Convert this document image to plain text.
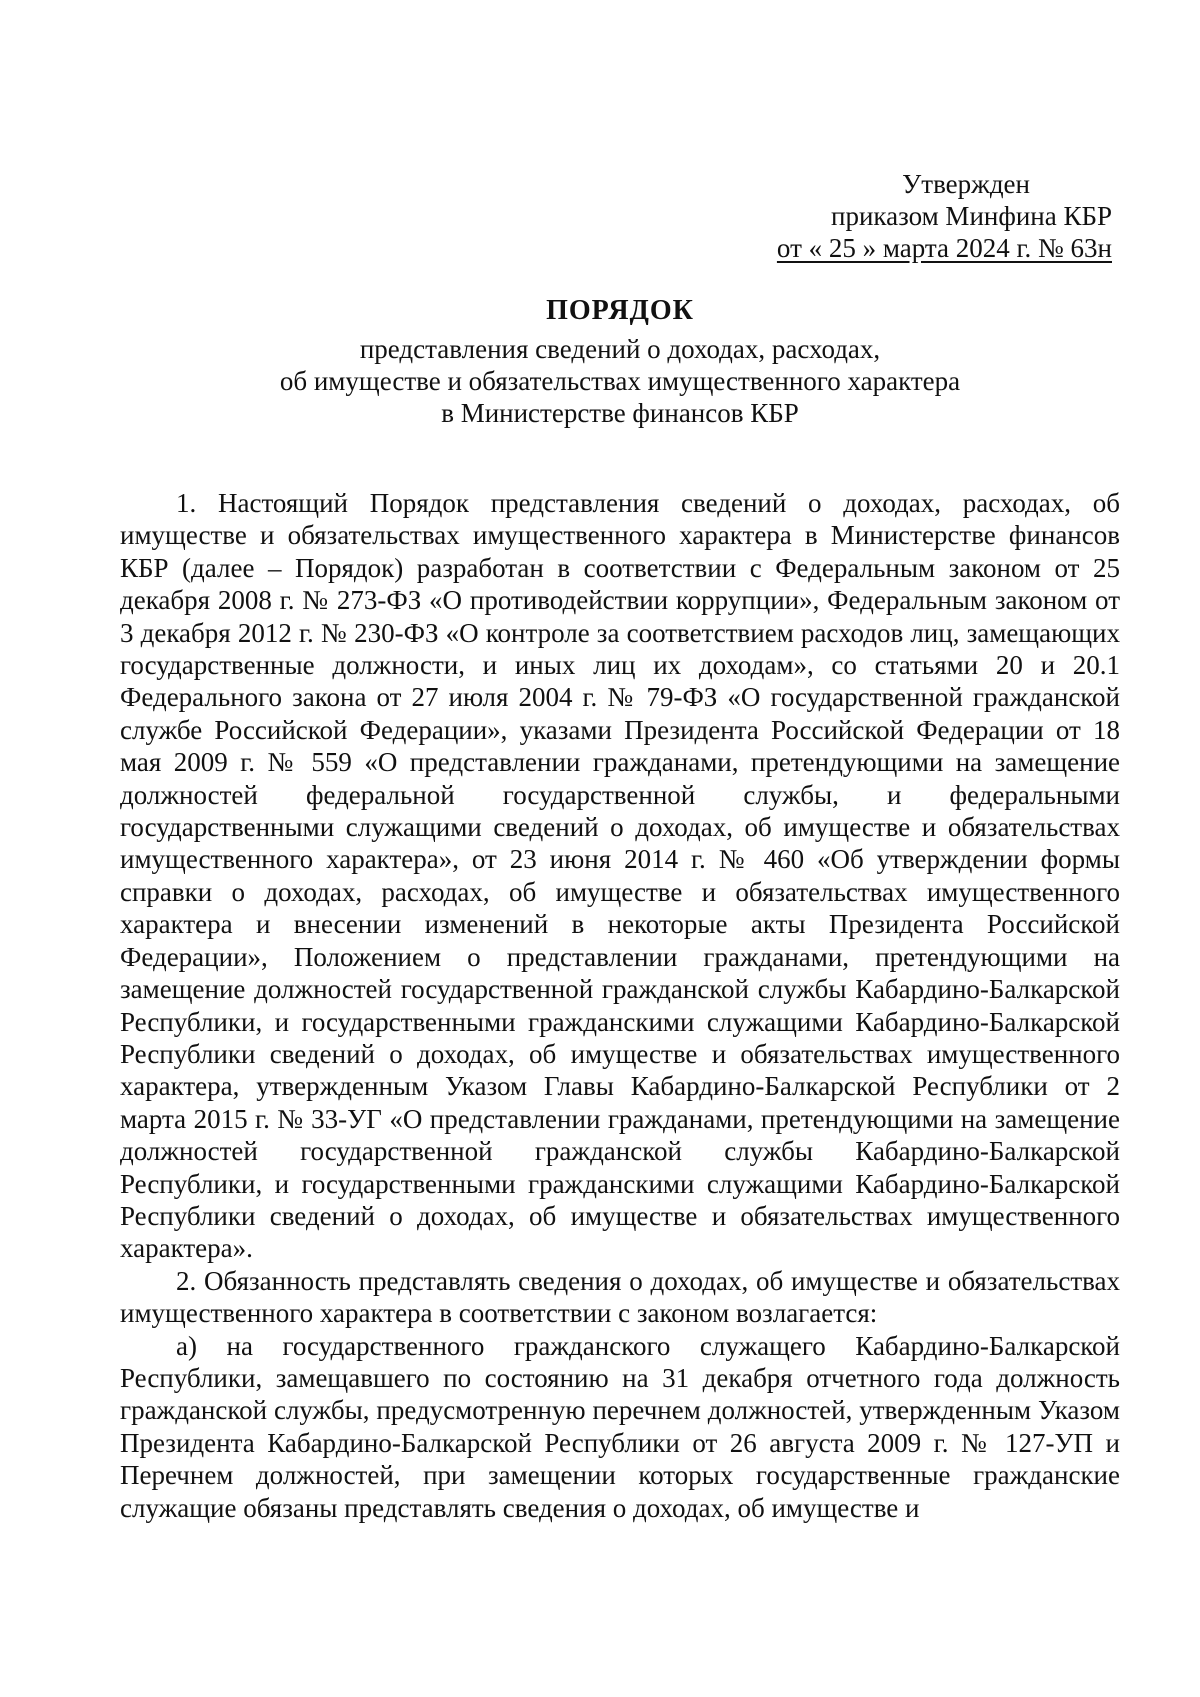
Утвержден
приказом Минфина КБР
от « 25 » марта 2024 г. № 63н
ПОРЯДОК
представления сведений о доходах, расходах,
об имуществе и обязательствах имущественного характера
в Министерстве финансов КБР

1. Настоящий Порядок представления сведений о доходах, расходах, об имуществе и обязательствах имущественного характера в Министерстве финансов КБР (далее – Порядок) разработан в соответствии с Федеральным законом от 25 декабря 2008 г. № 273-ФЗ «О противодействии коррупции», Федеральным законом от 3 декабря 2012 г. № 230-ФЗ «О контроле за соответствием расходов лиц, замещающих государственные должности, и иных лиц их доходам», со статьями 20 и 20.1 Федерального закона от 27 июля 2004 г. № 79-ФЗ «О государственной гражданской службе Российской Федерации», указами Президента Российской Федерации от 18 мая 2009 г. № 559 «О представлении гражданами, претендующими на замещение должностей федеральной государственной службы, и федеральными государственными служащими сведений о доходах, об имуществе и обязательствах имущественного характера», от 23 июня 2014 г. № 460 «Об утверждении формы справки о доходах, расходах, об имуществе и обязательствах имущественного характера и внесении изменений в некоторые акты Президента Российской Федерации», Положением о представлении гражданами, претендующими на замещение должностей государственной гражданской службы Кабардино-Балкарской Республики, и государственными гражданскими служащими Кабардино-Балкарской Республики сведений о доходах, об имуществе и обязательствах имущественного характера, утвержденным Указом Главы Кабардино-Балкарской Республики от 2 марта 2015 г. № 33-УГ «О представлении гражданами, претендующими на замещение должностей государственной гражданской службы Кабардино-Балкарской Республики, и государственными гражданскими служащими Кабардино-Балкарской Республики сведений о доходах, об имуществе и обязательствах имущественного характера».

2. Обязанность представлять сведения о доходах, об имуществе и обязательствах имущественного характера в соответствии с законом возлагается:

а) на государственного гражданского служащего Кабардино-Балкарской Республики, замещавшего по состоянию на 31 декабря отчетного года должность гражданской службы, предусмотренную перечнем должностей, утвержденным Указом Президента Кабардино-Балкарской Республики от 26 августа 2009 г. № 127-УП и Перечнем должностей, при замещении которых государственные гражданские служащие обязаны представлять сведения о доходах, об имуществе и
